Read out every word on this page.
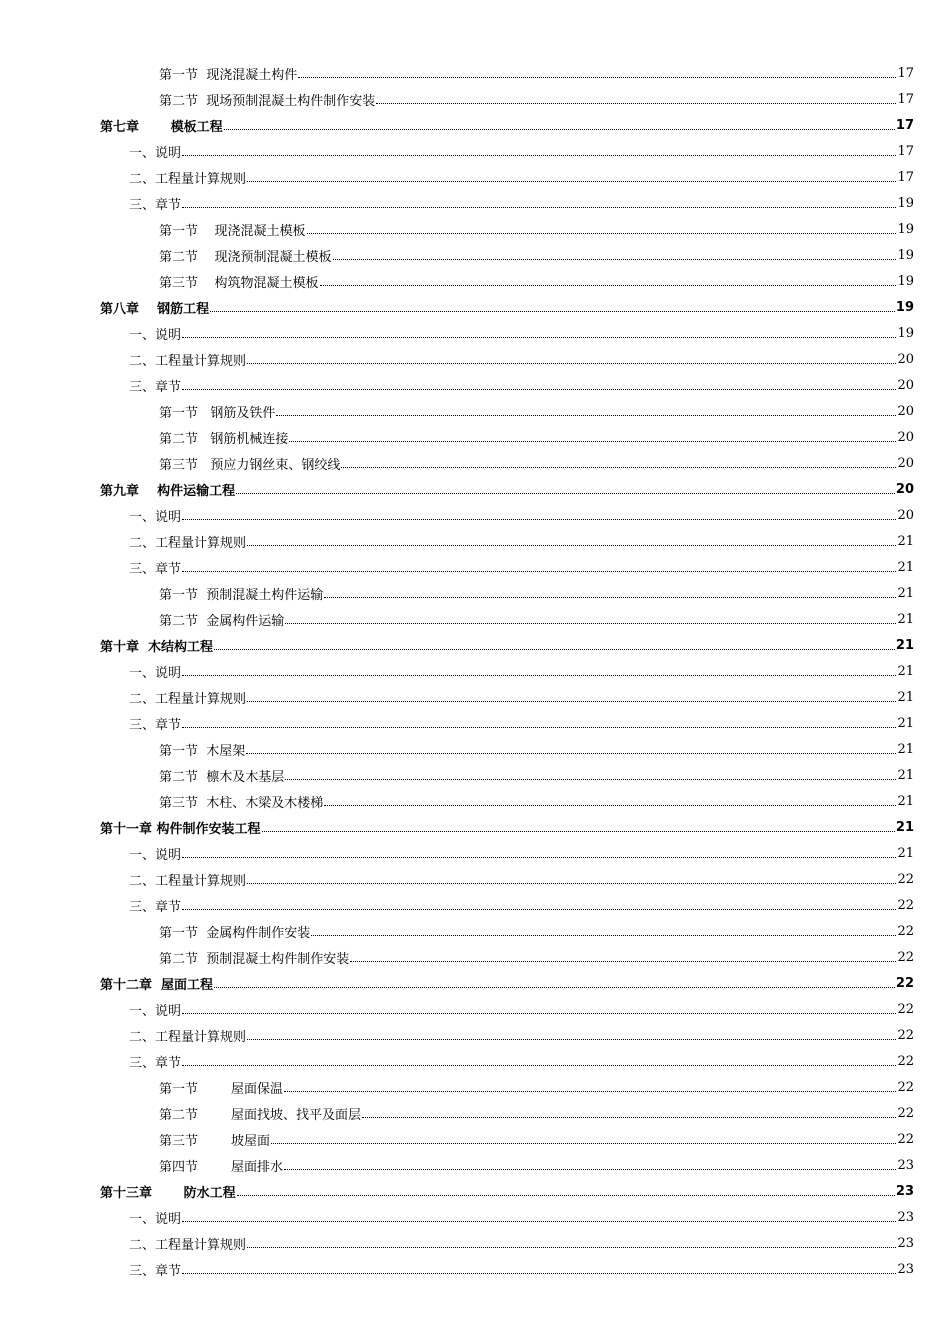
第一节  现浇混凝土构件	17
第二节  现场预制混凝土构件制作安装	17
第七章       模板工程	17
一、说明	17
二、工程量计算规则	17
三、章节	19
第一节    现浇混凝土模板	19
第二节    现浇预制混凝土模板	19
第三节    构筑物混凝土模板	19
第八章    钢筋工程	19
一、说明	19
二、工程量计算规则	20
三、章节	20
第一节   钢筋及铁件	20
第二节   钢筋机械连接	20
第三节   预应力钢丝束、钢绞线	20
第九章    构件运输工程	20
一、说明	20
二、工程量计算规则	21
三、章节	21
第一节  预制混凝土构件运输	21
第二节  金属构件运输	21
第十章  木结构工程	21
一、说明	21
二、工程量计算规则	21
三、章节	21
第一节  木屋架	21
第二节  檩木及木基层	21
第三节  木柱、木梁及木楼梯	21
第十一章 构件制作安装工程	21
一、说明	21
二、工程量计算规则	22
三、章节	22
第一节  金属构件制作安装	22
第二节  预制混凝土构件制作安装	22
第十二章  屋面工程	22
一、说明	22
二、工程量计算规则	22
三、章节	22
第一节        屋面保温	22
第二节        屋面找坡、找平及面层	22
第三节        坡屋面	22
第四节        屋面排水	23
第十三章       防水工程	23
一、说明	23
二、工程量计算规则	23
三、章节	23
